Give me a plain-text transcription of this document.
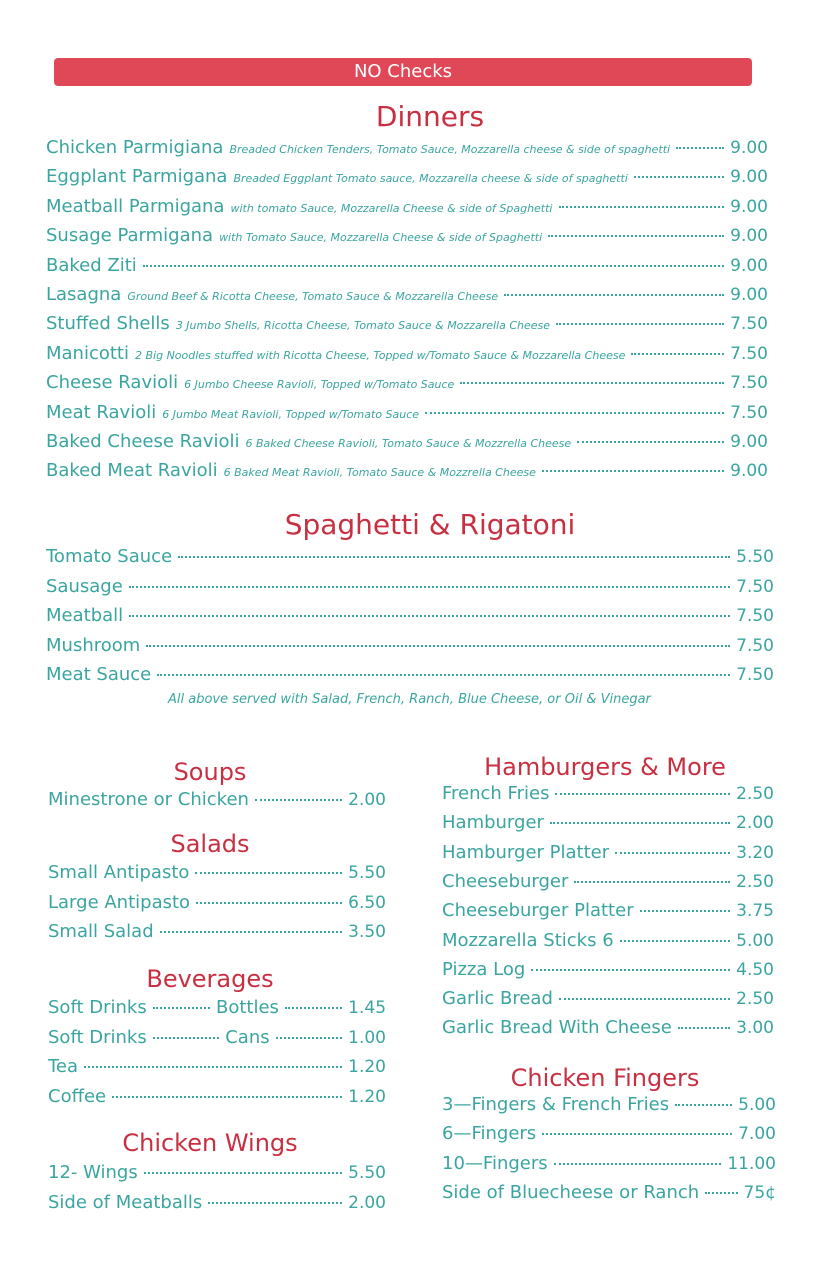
NO Checks
Dinners
Chicken Parmigiana Breaded Chicken Tenders, Tomato Sauce, Mozzarella cheese & side of spaghetti	9.00
Eggplant Parmigana Breaded Eggplant Tomato sauce, Mozzarella cheese & side of spaghetti	9.00
Meatball Parmigana with tomato Sauce, Mozzarella Cheese & side of Spaghetti	9.00
Susage Parmigana with Tomato Sauce, Mozzarella Cheese & side of Spaghetti	9.00
Baked Ziti	9.00
Lasagna Ground Beef & Ricotta Cheese, Tomato Sauce & Mozzarella Cheese	9.00
Stuffed Shells 3 Jumbo Shells, Ricotta Cheese, Tomato Sauce & Mozzarella Cheese	7.50
Manicotti 2 Big Noodles stuffed with Ricotta Cheese, Topped w/Tomato Sauce & Mozzarella Cheese	7.50
Cheese Ravioli 6 Jumbo Cheese Ravioli, Topped w/Tomato Sauce	7.50
Meat Ravioli 6 Jumbo Meat Ravioli, Topped w/Tomato Sauce	7.50
Baked Cheese Ravioli 6 Baked Cheese Ravioli, Tomato Sauce & Mozzrella Cheese	9.00
Baked Meat Ravioli 6 Baked Meat Ravioli, Tomato Sauce & Mozzrella Cheese	9.00
Spaghetti & Rigatoni
Tomato Sauce	5.50
Sausage	7.50
Meatball	7.50
Mushroom	7.50
Meat Sauce	7.50
All above served with Salad, French, Ranch, Blue Cheese, or Oil & Vinegar
Soups
Minestrone or Chicken	2.00
Salads
Small Antipasto	5.50
Large Antipasto	6.50
Small Salad	3.50
Beverages
Soft Drinks	Bottles	1.45
Soft Drinks	Cans	1.00
Tea	1.20
Coffee	1.20
Chicken Wings
12- Wings	5.50
Side of Meatballs	2.00
Hamburgers & More
French Fries	2.50
Hamburger	2.00
Hamburger Platter	3.20
Cheeseburger	2.50
Cheeseburger Platter	3.75
Mozzarella Sticks 6	5.00
Pizza Log	4.50
Garlic Bread	2.50
Garlic Bread With Cheese	3.00
Chicken Fingers
3—Fingers & French Fries	5.00
6—Fingers	7.00
10—Fingers	11.00
Side of Bluecheese or Ranch	75¢
